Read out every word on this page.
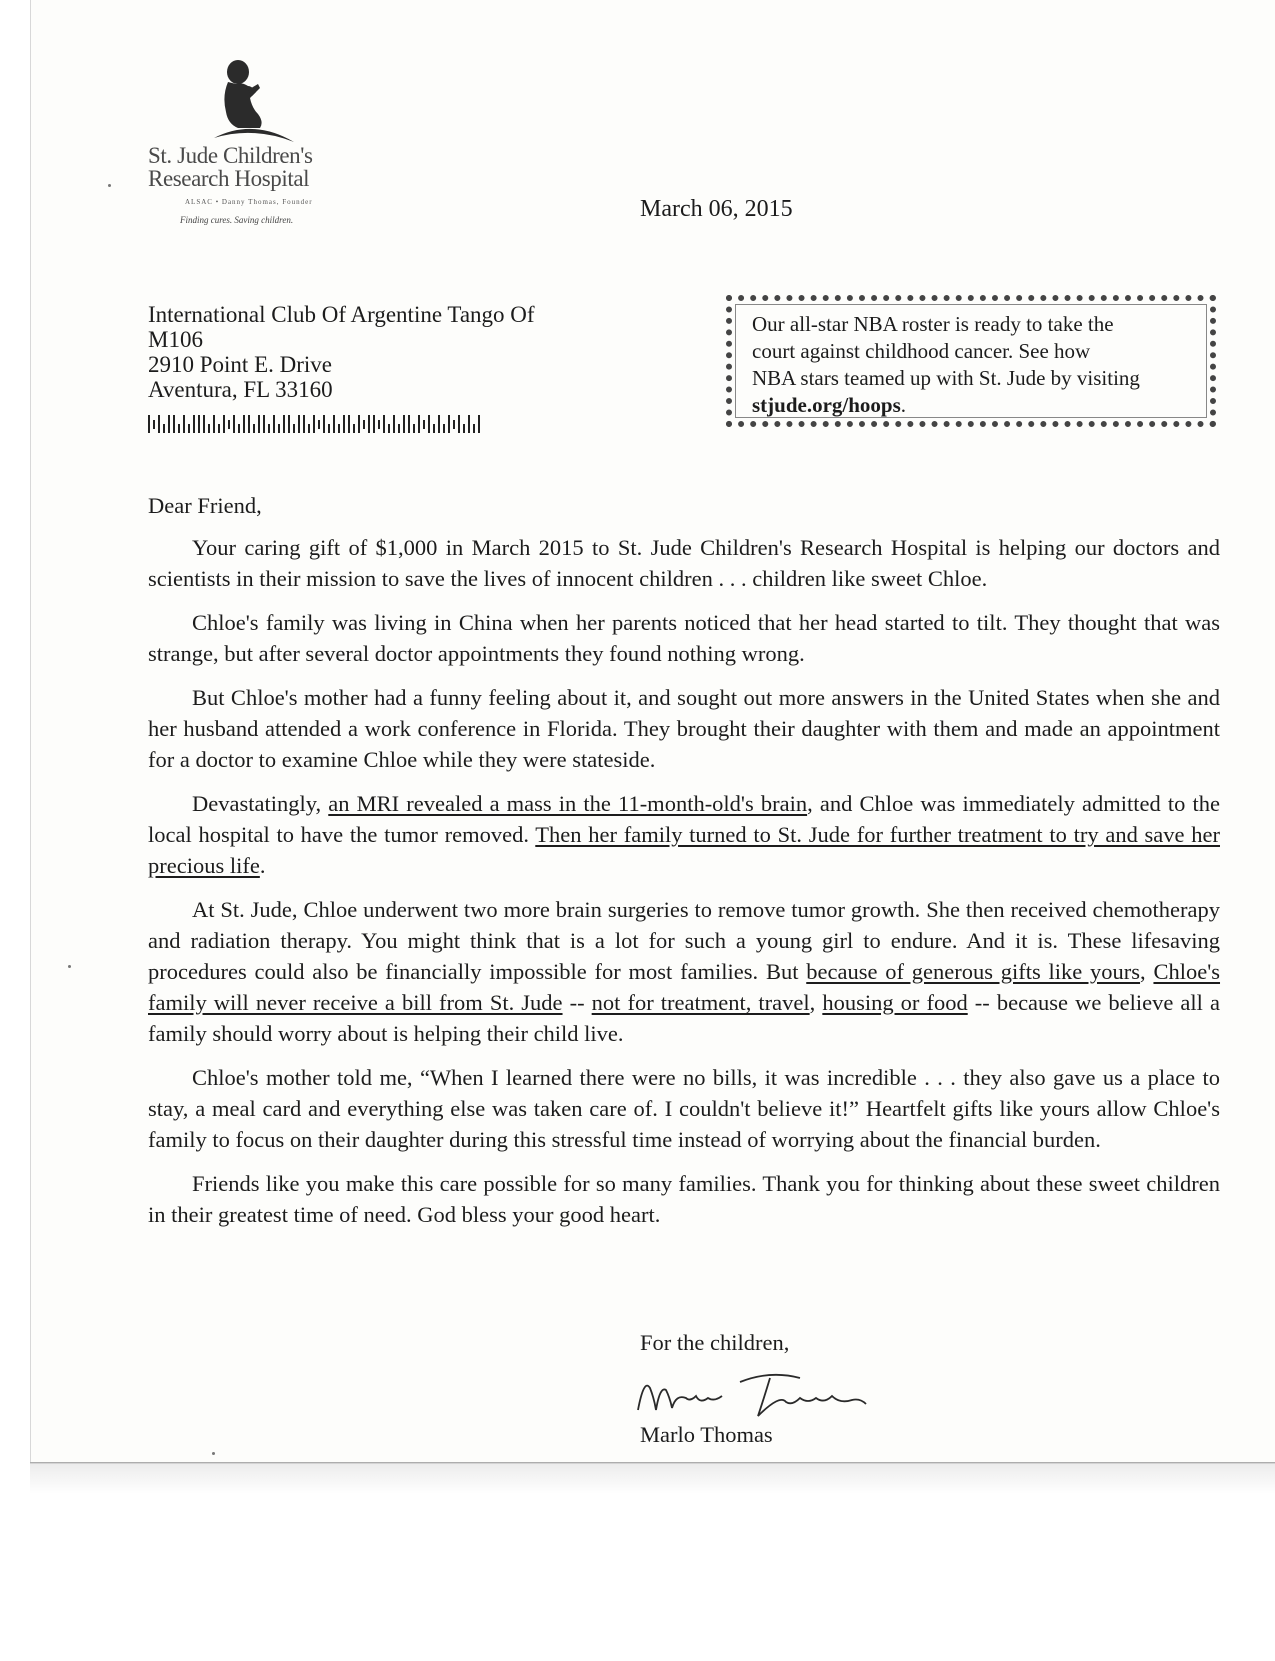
St. Jude Children's
Research Hospital
ALSAC • Danny Thomas, Founder
Finding cures. Saving children.	March 06, 2015
International Club Of Argentine Tango Of
M106
2910 Point E. Drive
Aventura, FL 33160
Our all-star NBA roster is ready to take the
court against childhood cancer. See how
NBA stars teamed up with St. Jude by visiting
stjude.org/hoops.
Dear Friend,

Your caring gift of $1,000 in March 2015 to St. Jude Children's Research Hospital is helping our doctors and scientists in their mission to save the lives of innocent children . . . children like sweet Chloe.

Chloe's family was living in China when her parents noticed that her head started to tilt. They thought that was strange, but after several doctor appointments they found nothing wrong.

But Chloe's mother had a funny feeling about it, and sought out more answers in the United States when she and her husband attended a work conference in Florida. They brought their daughter with them and made an appointment for a doctor to examine Chloe while they were stateside.

Devastatingly, an MRI revealed a mass in the 11-month-old's brain, and Chloe was immediately admitted to the local hospital to have the tumor removed. Then her family turned to St. Jude for further treatment to try and save her precious life.

At St. Jude, Chloe underwent two more brain surgeries to remove tumor growth. She then received chemotherapy and radiation therapy. You might think that is a lot for such a young girl to endure. And it is. These lifesaving procedures could also be financially impossible for most families. But because of generous gifts like yours, Chloe's family will never receive a bill from St. Jude -- not for treatment, travel, housing or food -- because we believe all a family should worry about is helping their child live.

Chloe's mother told me, “When I learned there were no bills, it was incredible . . . they also gave us a place to stay, a meal card and everything else was taken care of. I couldn't believe it!” Heartfelt gifts like yours allow Chloe's family to focus on their daughter during this stressful time instead of worrying about the financial burden.

Friends like you make this care possible for so many families. Thank you for thinking about these sweet children in their greatest time of need. God bless your good heart.

For the children,
Marlo Thomas
